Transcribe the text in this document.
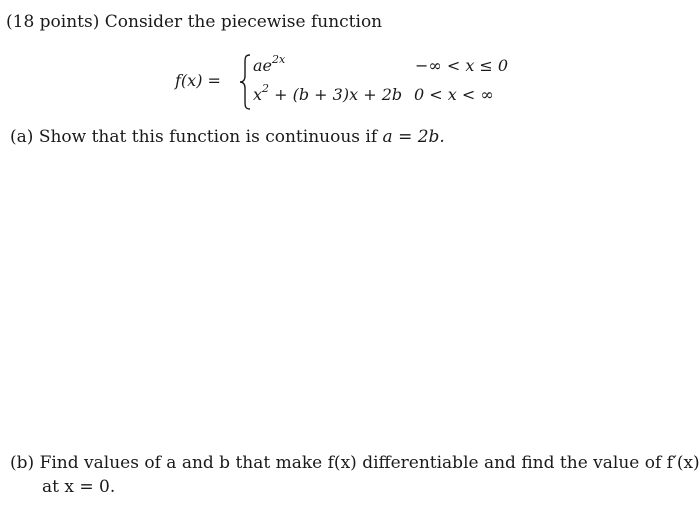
(18 points) Consider the piecewise function
f(x) =
$ae^{2x}$
$x^2 + (b + 3)x + 2b$
−∞ < x ≤ 0
0 < x < ∞
(a) Show that this function is continuous if a = 2b.
(b) Find values of a and b that make f(x) differentiable and find the value of f′(x)
at x = 0.
